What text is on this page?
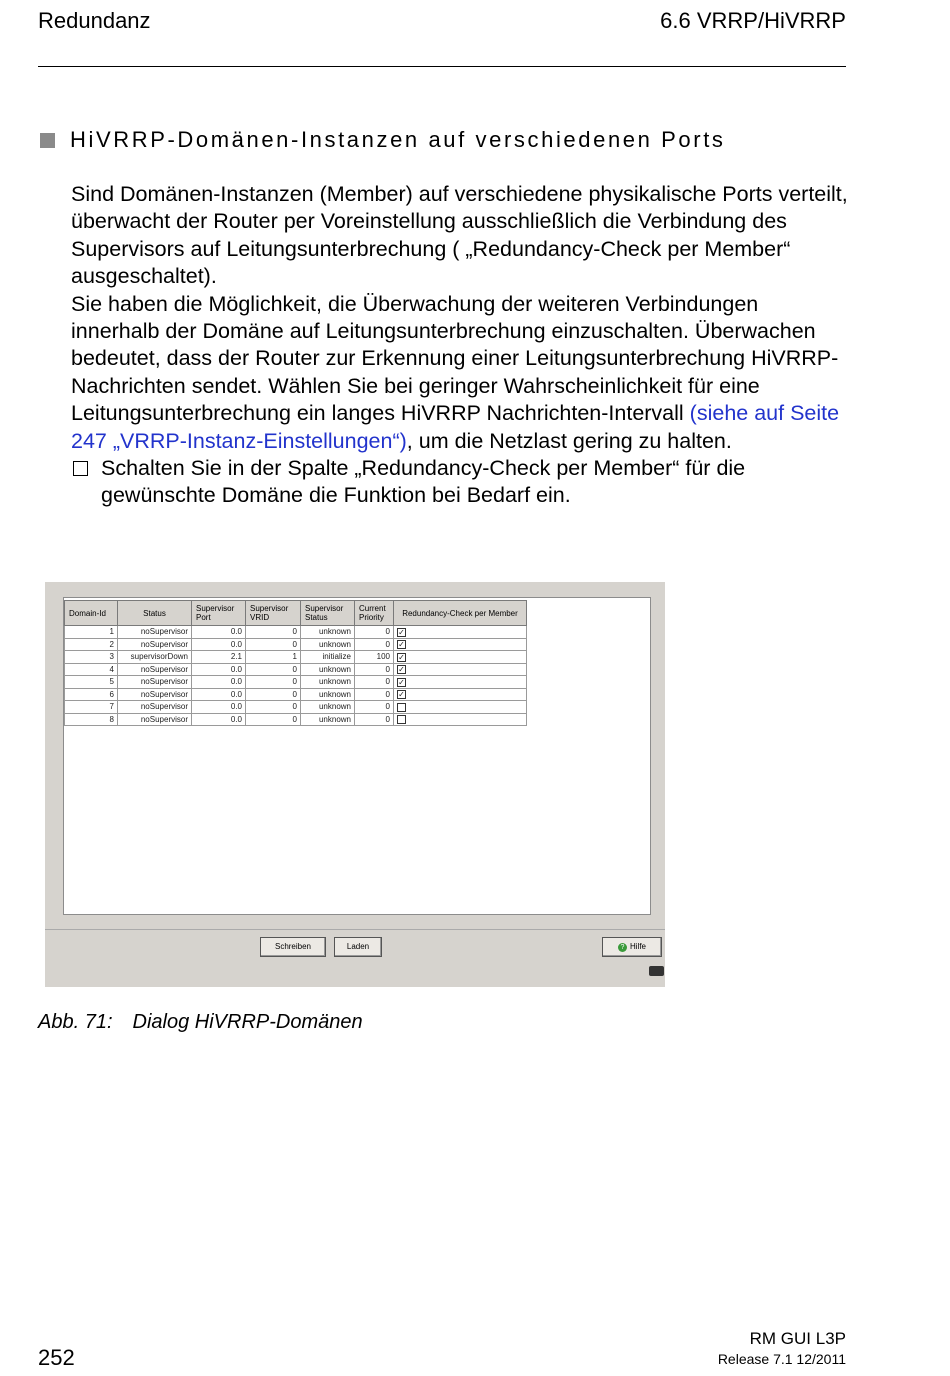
Redundanz	6.6 VRRP/HiVRRP
HiVRRP-Domänen-Instanzen auf verschiedenen Ports

Sind Domänen-Instanzen (Member) auf verschiedene physikalische Ports verteilt, überwacht der Router per Voreinstellung ausschließlich die Verbindung des Supervisors auf Leitungsunterbrechung ( „Redundancy-Check per Member“ ausgeschaltet).

Sie haben die Möglichkeit, die Überwachung der weiteren Verbindungen innerhalb der Domäne auf Leitungsunterbrechung einzuschalten. Überwachen bedeutet, dass der Router zur Erkennung einer Leitungsunterbrechung HiVRRP-Nachrichten sendet. Wählen Sie bei geringer Wahrscheinlichkeit für eine Leitungsunterbrechung ein langes HiVRRP Nachrichten-Intervall (siehe auf Seite 247 „VRRP-Instanz-Einstellungen“), um die Netzlast gering zu halten.

Schalten Sie in der Spalte „Redundancy-Check per Member“ für die gewünschte Domäne die Funktion bei Bedarf ein.
Domain-Id	Status	Supervisor Port	Supervisor VRID	Supervisor Status	Current Priority	Redundancy-Check per Member
1	noSupervisor	0.0	0	unknown	0	✓
2	noSupervisor	0.0	0	unknown	0	✓
3	supervisorDown	2.1	1	initialize	100	✓
4	noSupervisor	0.0	0	unknown	0	✓
5	noSupervisor	0.0	0	unknown	0	✓
6	noSupervisor	0.0	0	unknown	0	✓
7	noSupervisor	0.0	0	unknown	0	
8	noSupervisor	0.0	0	unknown	0	
Schreiben	Laden	? Hilfe
Abb. 71: Dialog HiVRRP-Domänen
RM GUI L3P
Release 7.1 12/2011
252
